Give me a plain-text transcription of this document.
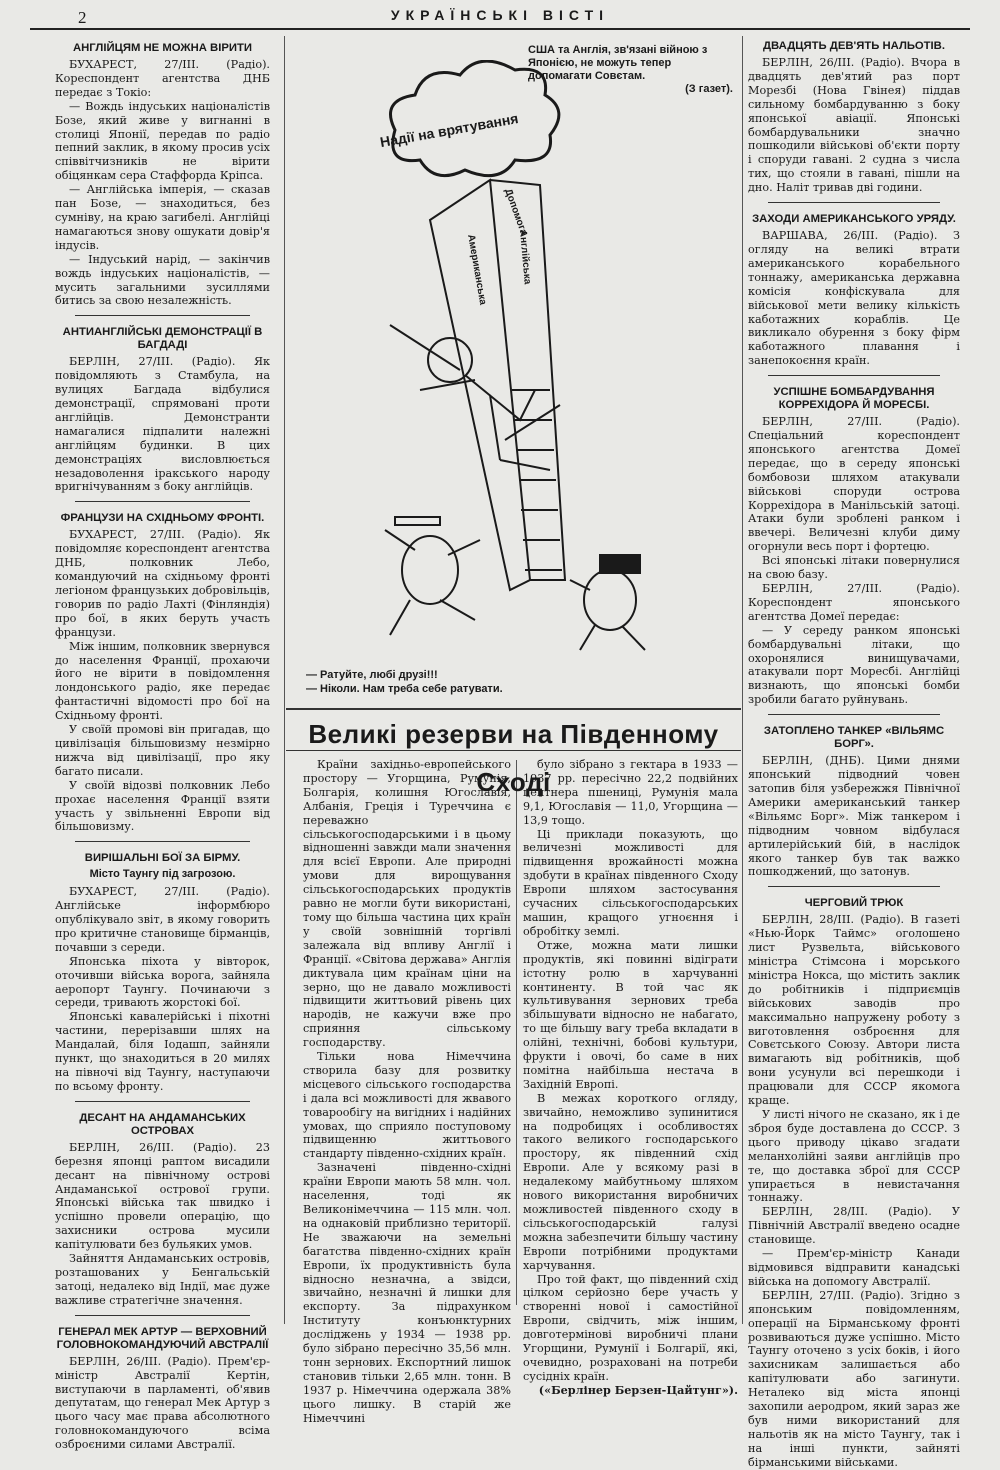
2	УКРАЇНСЬКІ ВІСТІ
АНГЛІЙЦЯМ НЕ МОЖНА ВІРИТИ

БУХАРЕСТ, 27/ІІІ. (Радіо). Кореспондент агентства ДНБ передає з Токіо:

— Вождь індуських націоналістів Бозе, який живе у вигнанні в столиці Японії, передав по радіо пепний заклик, в якому просив усіх співвітчизників не вірити обіцянкам сера Стаффорда Кріпса.

— Англійська імперія, — сказав пан Бозе, — знаходиться, без сумніву, на краю загибелі. Англійці намагаються знову ошукати довір'я індусів.

— Індуський нарід, — закінчив вождь індуських націоналістів, — мусить загальними зусиллями битись за свою незалежність.

АНТИАНГЛІЙСЬКІ ДЕМОНСТРАЦІЇ В БАГДАДІ

БЕРЛІН, 27/ІІІ. (Радіо). Як повідомляють з Стамбула, на вулицях Багдада відбулися демонстрації, спрямовані проти англійців. Демонстранти намагалися підпалити належні англійцям будинки. В цих демонстраціях висловлюється незадоволення іракського народу вригнічуванням з боку англійців.

ФРАНЦУЗИ НА СХІДНЬОМУ ФРОНТІ.

БУХАРЕСТ, 27/ІІІ. (Радіо). Як повідомляє кореспондент агентства ДНБ, полковник Лебо, командуючий на східньому фронті легіоном французьких добровільців, говорив по радіо Лахті (Фінляндія) про бої, в яких беруть участь французи.

Між іншим, полковник звернувся до населення Франції, прохаючи його не вірити в повідомлення лондонського радіо, яке передає фантастичні відомості про бої на Східньому фронті.

У своїй промові він пригадав, що цивілізація більшовизму незмірно нижча від цивілізації, про яку багато писали.

У своїй відозві полковник Лебо прохає населення Франції взяти участь у звільненні Европи від більшовизму.

ВИРІШАЛЬНІ БОЇ ЗА БІРМУ.
Місто Таунгу під загрозою.

БУХАРЕСТ, 27/ІІІ. (Радіо). Англійське інформбюро опублікувало звіт, в якому говорить про критичне становище бірманців, почавши з середи.

Японська піхота у вівторок, оточивши війська ворога, зайняла аеропорт Таунгу. Починаючи з середи, тривають жорстокі бої.

Японські кавалерійські і піхотні частини, перерізавши шлях на Мандалай, біля Іодашп, зайняли пункт, що знаходиться в 20 милях на півночі від Таунгу, наступаючи по всьому фронту.

ДЕСАНТ НА АНДАМАНСЬКИХ ОСТРОВАХ

БЕРЛІН, 26/ІІІ. (Радіо). 23 березня японці раптом висадили десант на північному острові Андаманської острової групи. Японські війська так швидко і успішно провели операцію, що захисники острова мусили капітулювати без бульяких умов.

Зайняття Андаманських островів, розташованих у Бенгальській затоці, недалеко від Індії, має дуже важливе стратегічне значення.

ГЕНЕРАЛ МЕК АРТУР — ВЕРХОВНИЙ ГОЛОВНОКОМАНДУЮЧИЙ АВСТРАЛІЇ

БЕРЛІН, 26/ІІІ. (Радіо). Прем'єр-міністр Австралії Кертін, виступаючи в парламенті, об'явив депутатам, що генерал Мек Артур з цього часу має права абсолютного головнокомандуючого всіма озброєними силами Австралії.

США та Англія, зв'язані війною з Японією, не можуть тепер допомагати Совєтам.
(З газет).
Надії на врятування
Американська	Англійська
Допомога
— Ратуйте, любі друзі!!!
— Ніколи. Нам треба себе ратувати.
Великі резерви на Південному Сході

Країни західньо-европейського простору — Угорщина, Румунія, Болгарія, колишня Югославія, Албанія, Греція і Туреччина є переважно сільськогосподарськими і в цьому відношенні завжди мали значення для всієї Европи. Але природні умови для вирощування сільськогосподарських продуктів равно не могли бути використані, тому що більша частина цих країн у своїй зовнішній торгівлі залежала від впливу Англії і Франції. «Світова держава» Англія диктувала цим країнам ціни на зерно, що не давало можливості підвищити життьовий рівень цих народів, не кажучи вже про сприяння сільському господарству.

Тільки нова Німеччина створила базу для розвитку місцевого сільського господарства і дала всі можливості для жвавого товарообігу на вигідних і надійних умовах, що сприяло поступовому підвищенню життьового стандарту південно-східних країн.

Зазначені південно-східні країни Европи мають 58 млн. чол. населення, тоді як Великонімеччина — 115 млн. чол. на однаковій приблизно території. Не зважаючи на земельні багатства південно-східних країн Европи, їх продуктивність була відносно незначна, а звідси, звичайно, незначні й лишки для експорту. За підрахунком Інституту конъюнктурних досліджень у 1934 — 1938 рр. було зібрано пересічно 35,56 млн. тонн зернових. Експортний лишок становив тільки 2,65 млн. тонн. В 1937 р. Німеччина одержала 38% цього лишку. В старій же Німеччині

було зібрано з гектара в 1933 — 1937 рр. пересічно 22,2 подвійних центнера пшениці, Румунія мала 9,1, Югославія — 11,0, Угорщина — 13,9 тощо.

Ці приклади показують, що величезні можливості для підвищення врожайності можна здобути в країнах південного Сходу Европи шляхом застосування сучасних сільськогосподарських машин, кращого угноєння і обробітку землі.

Отже, можна мати лишки продуктів, які повинні відіграти істотну ролю в харчуванні континенту. В той час як культивування зернових треба збільшувати відносно не набагато, то ще більшу вагу треба вкладати в олійні, технічні, бобові культури, фрукти і овочі, бо саме в них помітна найбільша нестача в Західній Европі.

В межах короткого огляду, звичайно, неможливо зупинитися на подробицях і особливостях такого великого господарського простору, як південний схід Европи. Але у всякому разі в недалекому майбутньому шляхом нового використання виробничих можливостей південного сходу в сільськогосподарській галузі можна забезпечити більшу частину Европи потрібними продуктами харчування.

Про той факт, що південний схід цілком серйозно бере участь у створенні нової і самостійної Европи, свідчить, між іншим, довготермінові виробничі плани Угорщини, Румунії і Болгарії, які, очевидно, розраховані на потреби сусідніх країн.

(«Берлінер Берзен-Цайтунг»).

ДВАДЦЯТЬ ДЕВ'ЯТЬ НАЛЬОТІВ.

БЕРЛІН, 26/ІІІ. (Радіо). Вчора в двадцять дев'ятий раз порт Морезбі (Нова Гвінея) піддав сильному бомбардуванню з боку японської авіації. Японські бомбардувальники значно пошкодили військові об'єкти порту і споруди гавані. 2 судна з числа тих, що стояли в гавані, пішли на дно. Наліт тривав дві години.

ЗАХОДИ АМЕРИКАНСЬКОГО УРЯДУ.

ВАРШАВА, 26/ІІІ. (Радіо). З огляду на великі втрати американського корабельного тоннажу, американська державна комісія конфіскувала для військової мети велику кількість каботажних кораблів. Це викликало обурення з боку фірм каботажного плавання і занепокоєння країн.

УСПІШНЕ БОМБАРДУВАННЯ КОРРЕХІДОРА Й МОРЕСБІ.

БЕРЛІН, 27/ІІІ. (Радіо). Спеціальний кореспондент японського агентства Домеї передає, що в середу японські бомбовози шляхом атакували військові споруди острова Коррехідора в Манільській затоці. Атаки були зроблені ранком і ввечері. Величезні клуби диму огорнули весь порт і фортецю.

Всі японські літаки повернулися на свою базу.

БЕРЛІН, 27/ІІІ. (Радіо). Кореспондент японського агентства Домеї передає:

— У середу ранком японські бомбардувальні літаки, що охоронялися винищувачами, атакували порт Моресбі. Англійці визнають, що японські бомби зробили багато руйнувань.

ЗАТОПЛЕНО ТАНКЕР «ВІЛЬЯМС БОРГ».

БЕРЛІН, (ДНБ). Цими днями японський підводний човен затопив біля узбережжя Північної Америки американський танкер «Вільямс Борг». Між танкером і підводним човном відбулася артилерійський бій, в наслідок якого танкер був так важко пошкоджений, що затонув.

ЧЕРГОВИЙ ТРЮК

БЕРЛІН, 28/ІІІ. (Радіо). В газеті «Нью-Йорк Таймс» оголошено лист Рузвельта, військового міністра Стімсона і морського міністра Нокса, що містить заклик до робітників і підприємців військових заводів про максимально напружену роботу з виготовлення озброєння для Совєтського Союзу. Автори листа вимагають від робітників, щоб вони усунули всі перешкоди і працювали для СССР якомога краще.

У листі нічого не сказано, як і де зброя буде доставлена до СССР. З цього приводу цікаво згадати меланхолійні заяви англійців про те, що доставка зброї для СССР упирається в невистачання тоннажу.

БЕРЛІН, 28/ІІІ. (Радіо). У Північній Австралії введено осадне становище.

— Прем'єр-міністр Канади відмовився відправити канадські війська на допомогу Австралії.

БЕРЛІН, 27/ІІІ. (Радіо). Згідно з японським повідомленням, операції на Бірманському фронті розвиваються дуже успішно. Місто Таунгу оточено з усіх боків, і його захисникам залишається або капітулювати або загинути. Неталеко від міста японці захопили аеродром, який зараз же був ними використаний для нальотів як на місто Таунгу, так і на інші пункти, зайняті бірманськими військами.
